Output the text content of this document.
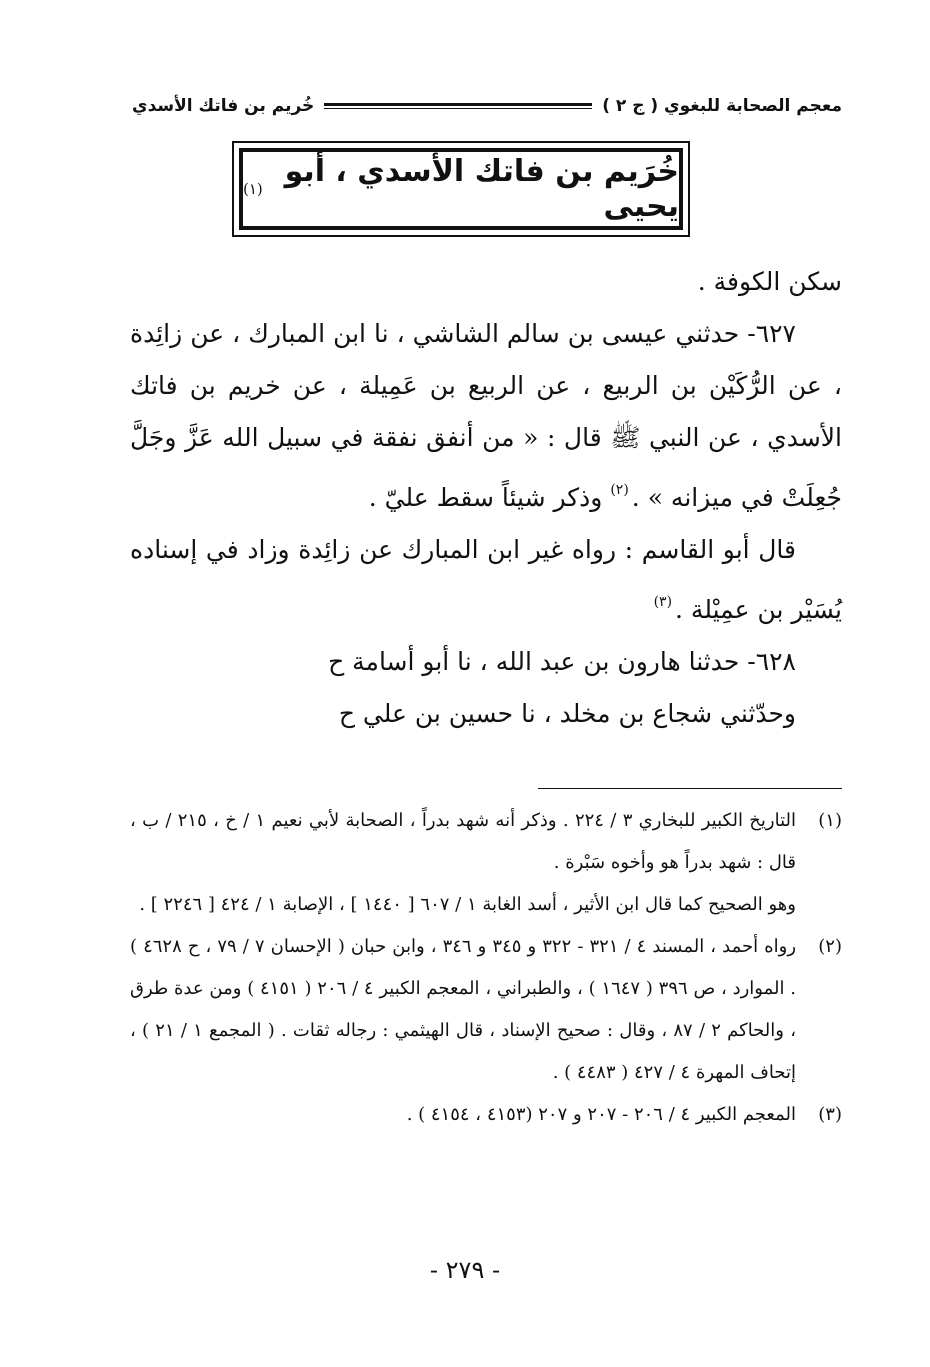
معجم الصحابة للبغوي ( ج ٢ )
خُريم بن فاتك الأسدي
خُرَيم بن فاتك الأسدي ، أبو يحيى
(١)

سكن الكوفة .

٦٢٧- حدثني عيسى بن سالم الشاشي ، نا ابن المبارك ، عن زائِدة ، عن الرُّكَيْن بن الربيع ، عن الربيع بن عَمِيلة ، عن خريم بن فاتك الأسدي ، عن النبي ﷺ قال : « من أنفق نفقة في سبيل الله عَزَّ وجَلَّ جُعِلَتْ في ميزانه » .$^{(٢)}$ وذكر شيئاً سقط عليّ .

قال أبو القاسم : رواه غير ابن المبارك عن زائِدة وزاد في إسناده يُسَيْر بن عمِيْلة .$^{(٣)}$

٦٢٨- حدثنا هارون بن عبد الله ، نا أبو أسامة ح

وحدّثني شجاع بن مخلد ، نا حسين بن علي ح

(١)

التاريخ الكبير للبخاري ٣ / ٢٢٤ . وذكر أنه شهد بدراً ، الصحابة لأبي نعيم ١ / خ ، ٢١٥ / ب ، قال : شهد بدراً هو وأخوه سَبْرة .

وهو الصحيح كما قال ابن الأثير ، أسد الغابة ١ / ٦٠٧ [ ١٤٤٠ ] ، الإصابة ١ / ٤٢٤ [ ٢٢٤٦ ] .

(٢)

رواه أحمد ، المسند ٤ / ٣٢١ - ٣٢٢ و ٣٤٥ و ٣٤٦ ، وابن حبان ( الإحسان ٧ / ٧٩ ، ح ٤٦٢٨ ) . الموارد ، ص ٣٩٦ ( ١٦٤٧ ) ، والطبراني ، المعجم الكبير ٤ / ٢٠٦ ( ٤١٥١ ) ومن عدة طرق ، والحاكم ٢ / ٨٧ ، وقال : صحيح الإسناد ، قال الهيثمي : رجاله ثقات . ( المجمع ١ / ٢١ ) ، إتحاف المهرة ٤ / ٤٢٧ ( ٤٤٨٣ ) .

(٣)

المعجم الكبير ٤ / ٢٠٦ - ٢٠٧ و ٢٠٧ (٤١٥٣ ، ٤١٥٤ ) .

- ٢٧٩ -
